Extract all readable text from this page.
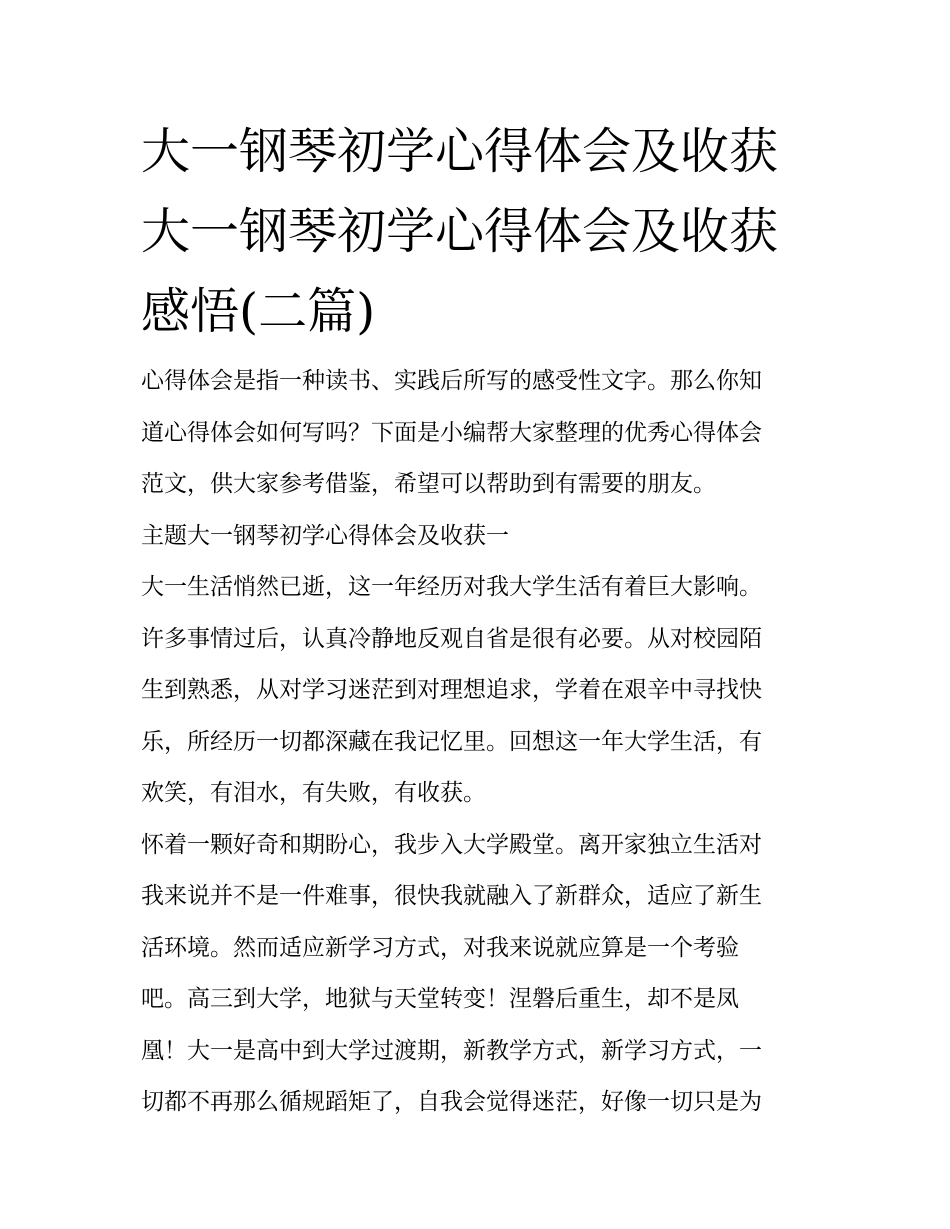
大一钢琴初学心得体会及收获
大一钢琴初学心得体会及收获
感悟(二篇)
心得体会是指一种读书、实践后所写的感受性文字。那么你知
道心得体会如何写吗？下面是小编帮大家整理的优秀心得体会
范文，供大家参考借鉴，希望可以帮助到有需要的朋友。
主题大一钢琴初学心得体会及收获一
大一生活悄然已逝，这一年经历对我大学生活有着巨大影响。
许多事情过后，认真冷静地反观自省是很有必要。从对校园陌
生到熟悉，从对学习迷茫到对理想追求，学着在艰辛中寻找快
乐，所经历一切都深藏在我记忆里。回想这一年大学生活，有
欢笑，有泪水，有失败，有收获。
怀着一颗好奇和期盼心，我步入大学殿堂。离开家独立生活对
我来说并不是一件难事，很快我就融入了新群众，适应了新生
活环境。然而适应新学习方式，对我来说就应算是一个考验
吧。高三到大学，地狱与天堂转变！涅磐后重生，却不是凤
凰！大一是高中到大学过渡期，新教学方式，新学习方式，一
切都不再那么循规蹈矩了，自我会觉得迷茫，好像一切只是为
